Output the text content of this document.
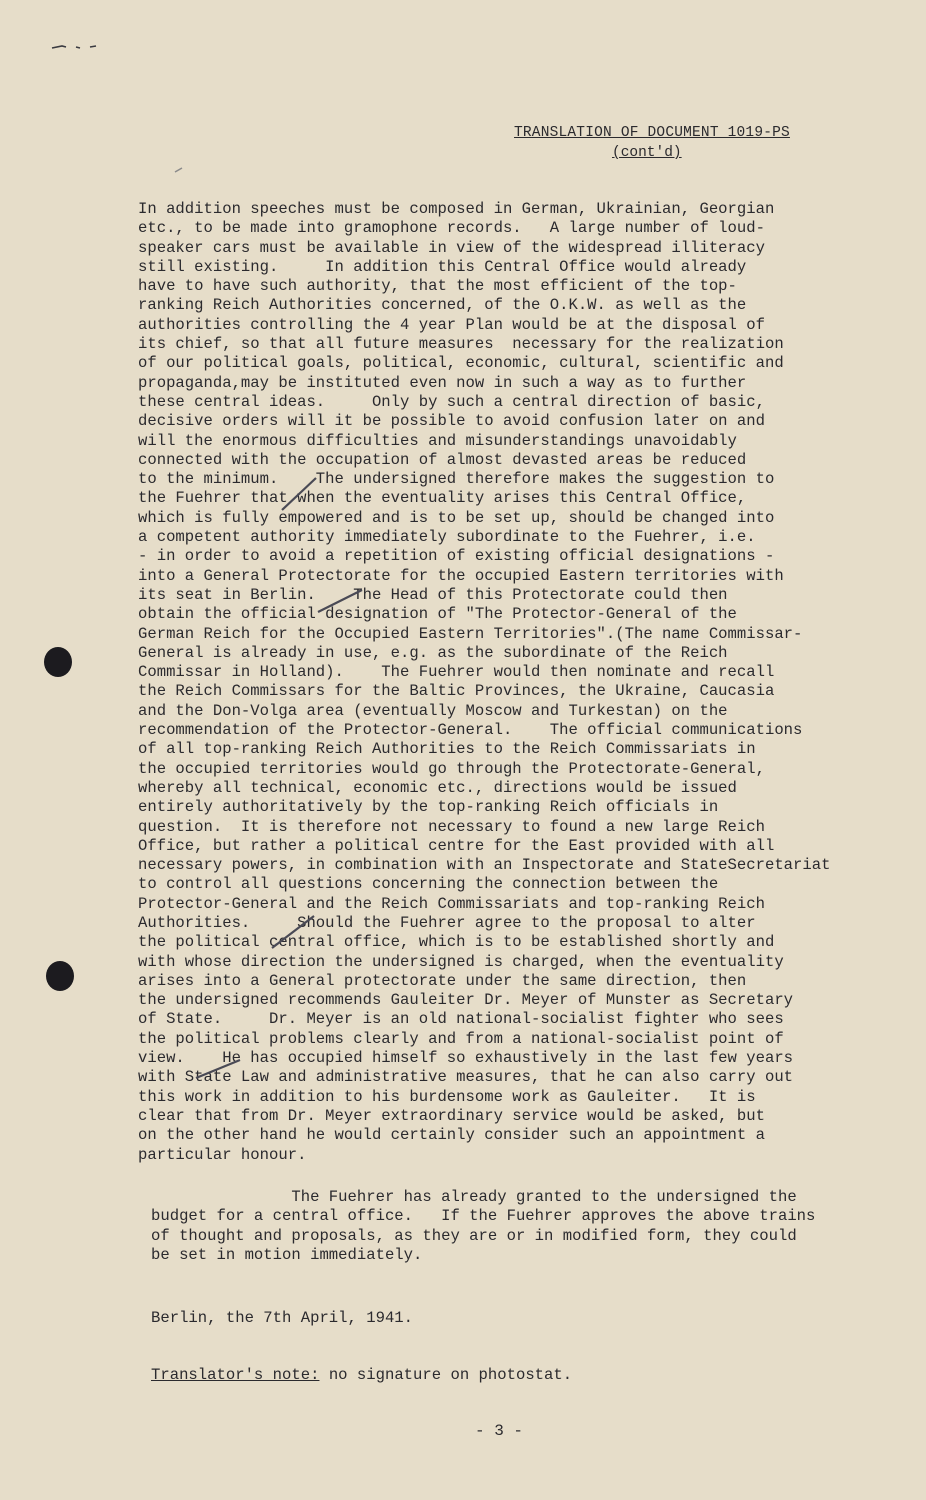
TRANSLATION OF DOCUMENT 1019-PS
(cont'd)
In addition speeches must be composed in German, Ukrainian, Georgian
etc., to be made into gramophone records.   A large number of loud-
speaker cars must be available in view of the widespread illiteracy
still existing.     In addition this Central Office would already
have to have such authority, that the most efficient of the top-
ranking Reich Authorities concerned, of the O.K.W. as well as the
authorities controlling the 4 year Plan would be at the disposal of
its chief, so that all future measures  necessary for the realization
of our political goals, political, economic, cultural, scientific and
propaganda,may be instituted even now in such a way as to further
these central ideas.     Only by such a central direction of basic,
decisive orders will it be possible to avoid confusion later on and
will the enormous difficulties and misunderstandings unavoidably
connected with the occupation of almost devasted areas be reduced
to the minimum.    The undersigned therefore makes the suggestion to
the Fuehrer that when the eventuality arises this Central Office,
which is fully empowered and is to be set up, should be changed into
a competent authority immediately subordinate to the Fuehrer, i.e.
- in order to avoid a repetition of existing official designations -
into a General Protectorate for the occupied Eastern territories with
its seat in Berlin.    The Head of this Protectorate could then
obtain the official designation of "The Protector-General of the
German Reich for the Occupied Eastern Territories".(The name Commissar-
General is already in use, e.g. as the subordinate of the Reich
Commissar in Holland).    The Fuehrer would then nominate and recall
the Reich Commissars for the Baltic Provinces, the Ukraine, Caucasia
and the Don-Volga area (eventually Moscow and Turkestan) on the
recommendation of the Protector-General.    The official communications
of all top-ranking Reich Authorities to the Reich Commissariats in
the occupied territories would go through the Protectorate-General,
whereby all technical, economic etc., directions would be issued
entirely authoritatively by the top-ranking Reich officials in
question.  It is therefore not necessary to found a new large Reich
Office, but rather a political centre for the East provided with all
necessary powers, in combination with an Inspectorate and StateSecretariat
to control all questions concerning the connection between the
Protector-General and the Reich Commissariats and top-ranking Reich
Authorities.     Should the Fuehrer agree to the proposal to alter
the political central office, which is to be established shortly and
with whose direction the undersigned is charged, when the eventuality
arises into a General protectorate under the same direction, then
the undersigned recommends Gauleiter Dr. Meyer of Munster as Secretary
of State.     Dr. Meyer is an old national-socialist fighter who sees
the political problems clearly and from a national-socialist point of
view.    He has occupied himself so exhaustively in the last few years
with State Law and administrative measures, that he can also carry out
this work in addition to his burdensome work as Gauleiter.   It is
clear that from Dr. Meyer extraordinary service would be asked, but
on the other hand he would certainly consider such an appointment a
particular honour.
The Fuehrer has already granted to the undersigned the
budget for a central office.   If the Fuehrer approves the above trains
of thought and proposals, as they are or in modified form, they could
be set in motion immediately.
Berlin, the 7th April, 1941.
Translator's note: no signature on photostat.
- 3 -
